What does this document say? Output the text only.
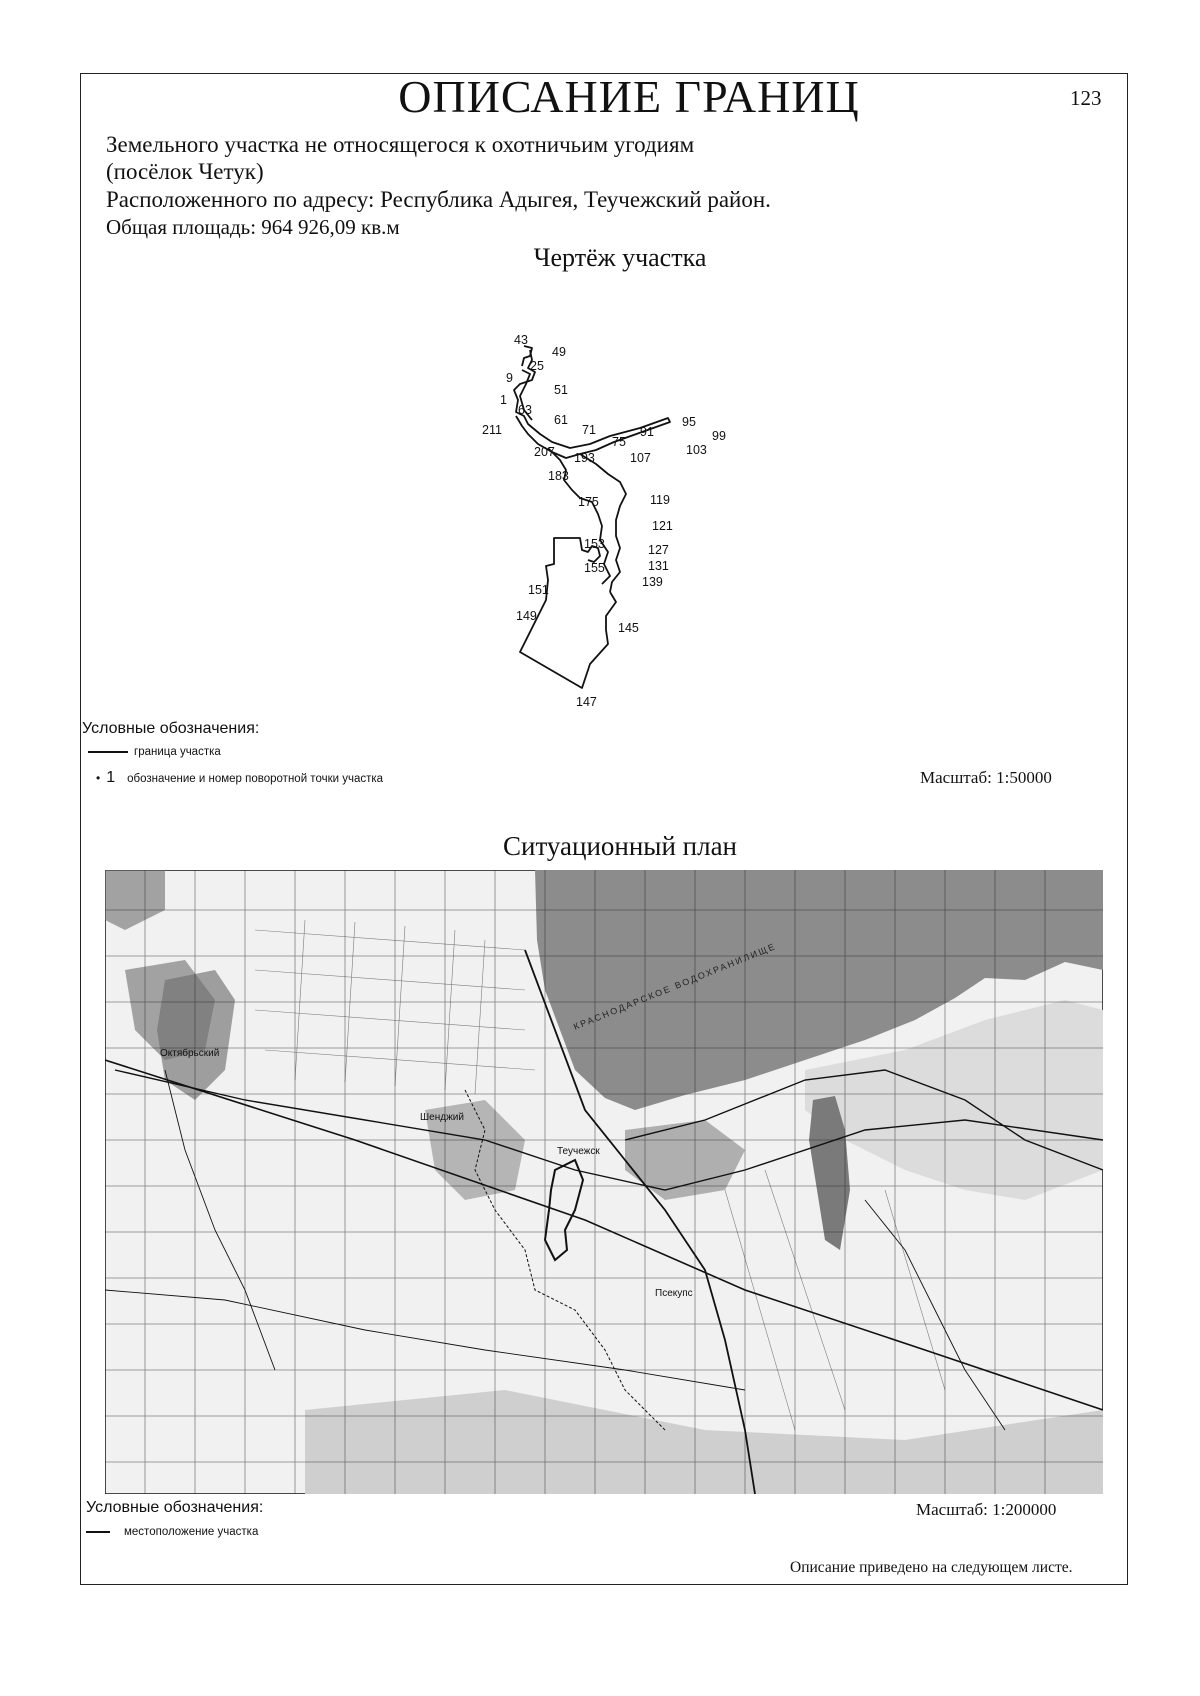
ОПИСАНИЕ ГРАНИЦ	123
Земельного участка не относящегося к охотничьим угодиям
(посёлок Четук)
Расположенного по адресу: Республика Адыгея, Теучежский район.
Общая площадь: 964 926,09 кв.м
Чертёж участка
43
49
25
9
51
1
63
61
211	71
75
91
95
99
103
207 193	107
183
175	119
121
153	127
155	131
139
151
149
145
147
Условные обозначения:
граница участка
• 1 обозначение и номер поворотной точки участка	Масштаб: 1:50000
Ситуационный план
Октябрьский
Теучежск
Шенджий
Псекупс
КРАСНОДАРСКОЕ ВОДОХРАНИЛИЩЕ
Условные обозначения:
местоположение участка
Масштаб: 1:200000
Описание приведено на следующем листе.
